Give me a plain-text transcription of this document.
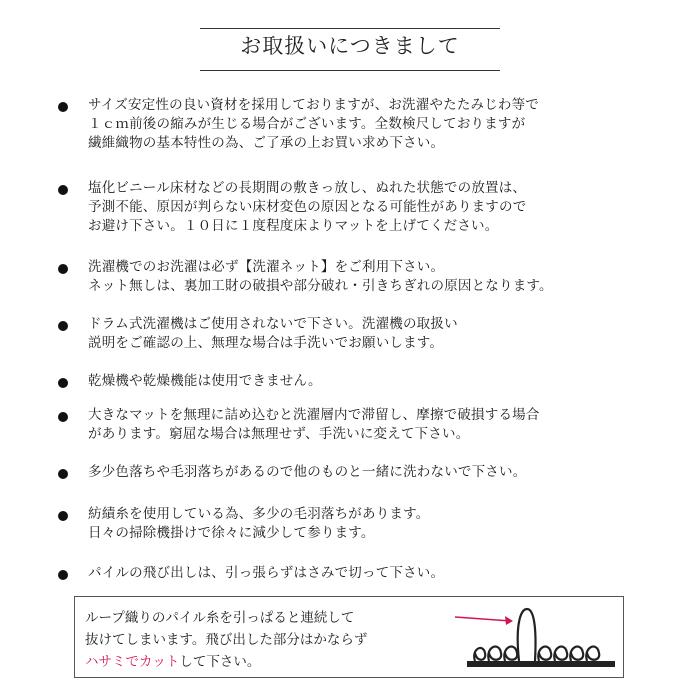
お取扱いにつきまして
サイズ安定性の良い資材を採用しておりますが、お洗濯やたたみじわ等で
１ｃｍ前後の縮みが生じる場合がございます。全数検尺しておりますが
繊維織物の基本特性の為、ご了承の上お買い求め下さい。
塩化ビニール床材などの長期間の敷きっ放し、ぬれた状態での放置は、
予測不能、原因が判らない床材変色の原因となる可能性がありますので
お避け下さい。１０日に１度程度床よりマットを上げてください。
洗濯機でのお洗濯は必ず【洗濯ネット】をご利用下さい。
ネット無しは、裏加工財の破損や部分破れ・引きちぎれの原因となります。
ドラム式洗濯機はご使用されないで下さい。洗濯機の取扱い
説明をご確認の上、無理な場合は手洗いでお願いします。
乾燥機や乾燥機能は使用できません。
大きなマットを無理に詰め込むと洗濯層内で滞留し、摩擦で破損する場合
があります。窮屈な場合は無理せず、手洗いに変えて下さい。
多少色落ちや毛羽落ちがあるので他のものと一緒に洗わないで下さい。
紡績糸を使用している為、多少の毛羽落ちがあります。
日々の掃除機掛けで徐々に減少して参ります。
パイルの飛び出しは、引っ張らずはさみで切って下さい。
ループ織りのパイル糸を引っぱると連続して
抜けてしまいます。飛び出した部分はかならず
ハサミでカットして下さい。
